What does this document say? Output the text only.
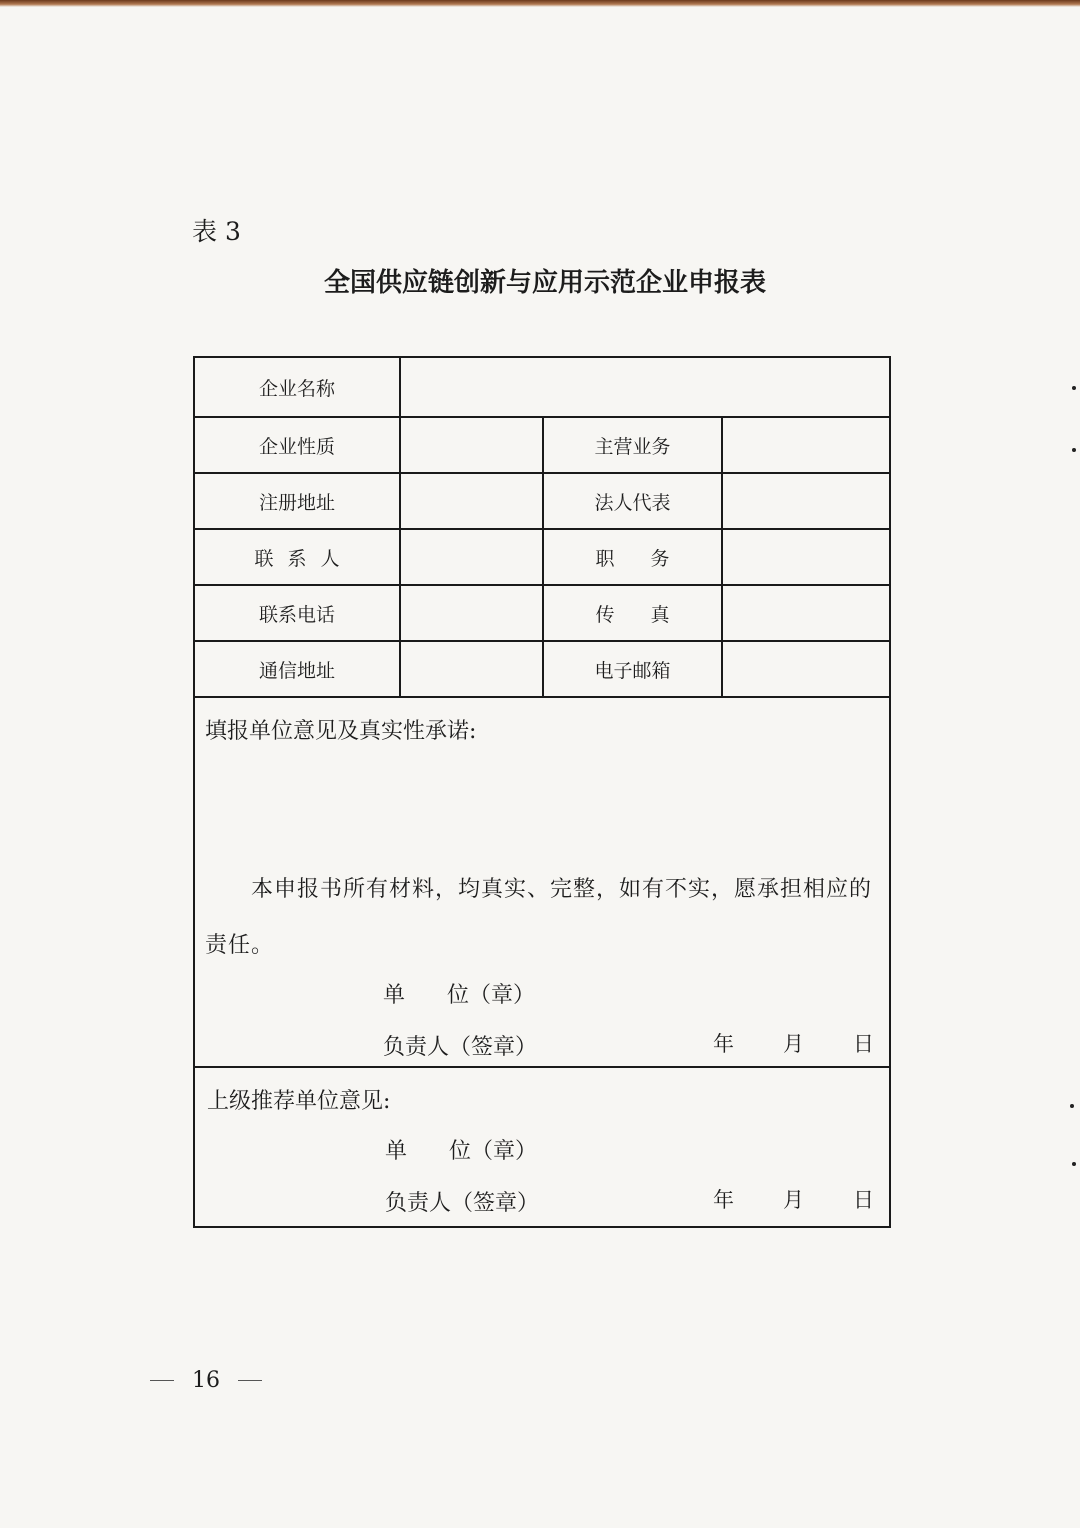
表 3
全国供应链创新与应用示范企业申报表
企业名称
企业性质	主营业务
注册地址	法人代表
联系人	职务
联系电话	传真
通信地址	电子邮箱
填报单位意见及真实性承诺:
本申报书所有材料，均真实、完整，如有不实，愿承担相应的
责任。
单      位（章）
负责人（签章）	年 月 日
上级推荐单位意见:
单      位（章）
负责人（签章）	年 月 日
16
